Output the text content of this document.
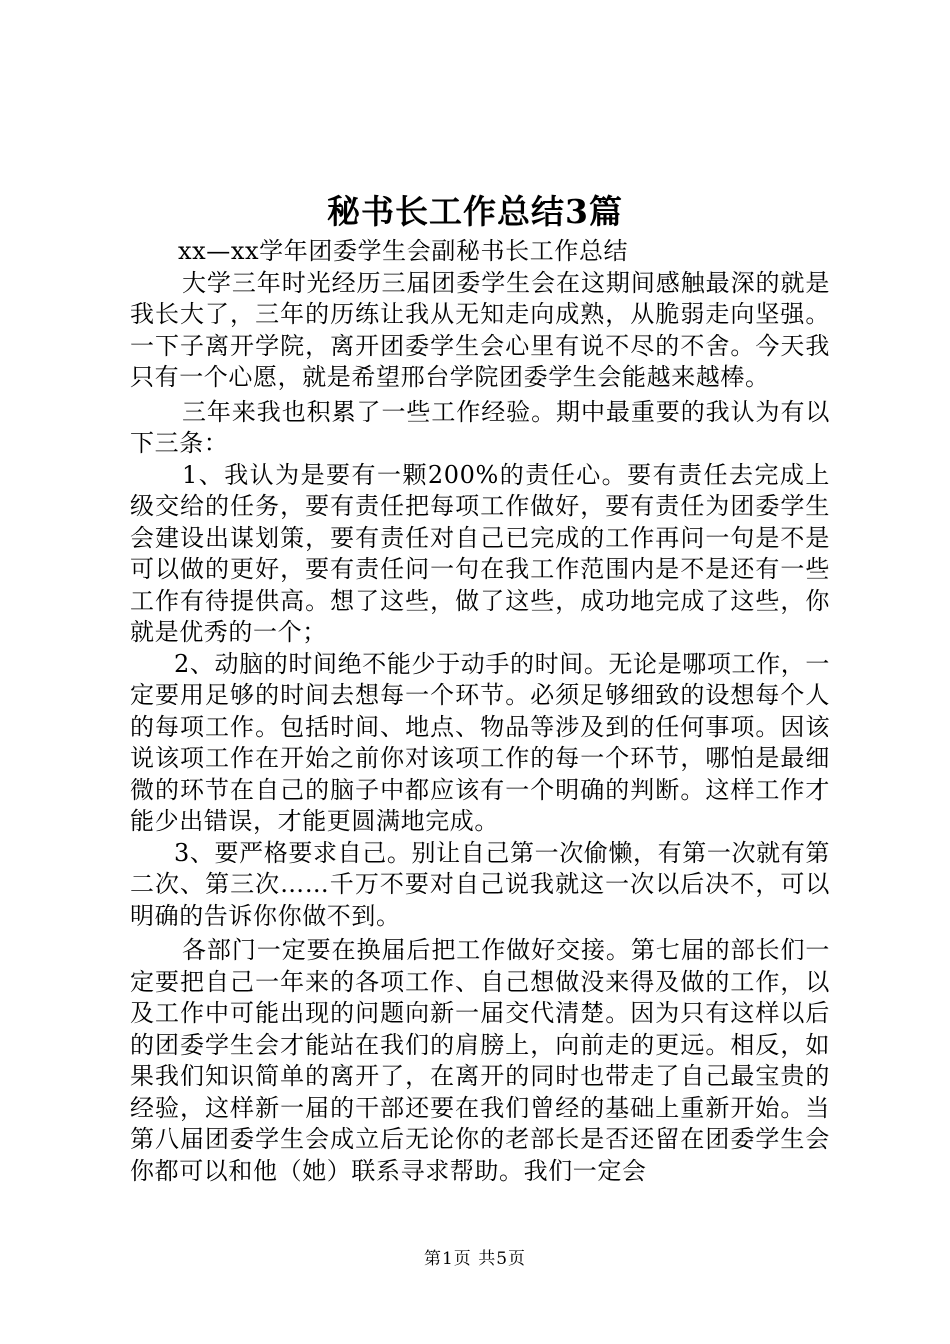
秘书长工作总结3篇

xx—xx学年团委学生会副秘书长工作总结

大学三年时光经历三届团委学生会在这期间感触最深的就是我长大了，三年的历练让我从无知走向成熟，从脆弱走向坚强。一下子离开学院，离开团委学生会心里有说不尽的不舍。今天我只有一个心愿，就是希望邢台学院团委学生会能越来越棒。

三年来我也积累了一些工作经验。期中最重要的我认为有以下三条：

1、我认为是要有一颗200%的责任心。要有责任去完成上级交给的任务，要有责任把每项工作做好，要有责任为团委学生会建设出谋划策，要有责任对自己已完成的工作再问一句是不是可以做的更好，要有责任问一句在我工作范围内是不是还有一些工作有待提供高。想了这些，做了这些，成功地完成了这些，你就是优秀的一个；

2、动脑的时间绝不能少于动手的时间。无论是哪项工作，一定要用足够的时间去想每一个环节。必须足够细致的设想每个人的每项工作。包括时间、地点、物品等涉及到的任何事项。因该说该项工作在开始之前你对该项工作的每一个环节，哪怕是最细微的环节在自己的脑子中都应该有一个明确的判断。这样工作才能少出错误，才能更圆满地完成。

3、要严格要求自己。别让自己第一次偷懒，有第一次就有第二次、第三次……千万不要对自己说我就这一次以后决不，可以明确的告诉你你做不到。

各部门一定要在换届后把工作做好交接。第七届的部长们一定要把自己一年来的各项工作、自己想做没来得及做的工作，以及工作中可能出现的问题向新一届交代清楚。因为只有这样以后的团委学生会才能站在我们的肩膀上，向前走的更远。相反，如果我们知识简单的离开了，在离开的同时也带走了自己最宝贵的经验，这样新一届的干部还要在我们曾经的基础上重新开始。当第八届团委学生会成立后无论你的老部长是否还留在团委学生会你都可以和他（她）联系寻求帮助。我们一定会

第1页 共5页
